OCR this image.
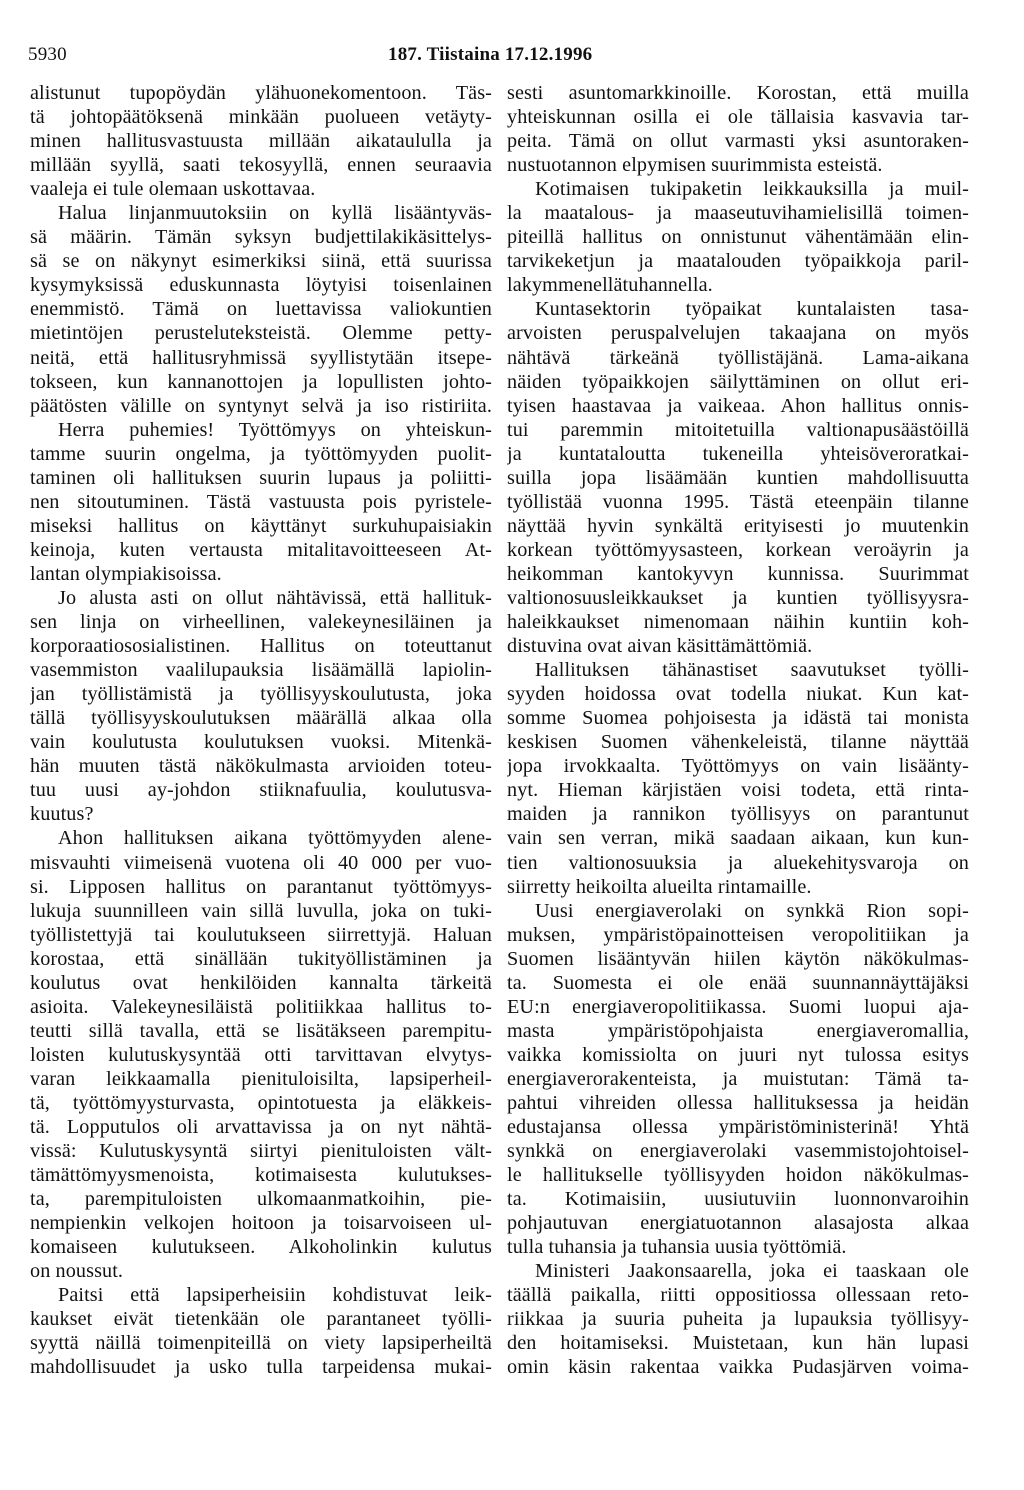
5930	187. Tiistaina 17.12.1996
alistunut tupopöydän ylähuonekomentoon. Täs-
tä johtopäätöksenä minkään puolueen vetäyty-
minen hallitusvastuusta millään aikataululla ja
millään syyllä, saati tekosyyllä, ennen seuraavia
vaaleja ei tule olemaan uskottavaa.
Halua linjanmuutoksiin on kyllä lisääntyväs-
sä määrin. Tämän syksyn budjettilakikäsittelys-
sä se on näkynyt esimerkiksi siinä, että suurissa
kysymyksissä eduskunnasta löytyisi toisenlainen
enemmistö. Tämä on luettavissa valiokuntien
mietintöjen perusteluteksteistä. Olemme petty-
neitä, että hallitusryhmissä syyllistytään itsepe-
tokseen, kun kannanottojen ja lopullisten johto-
päätösten välille on syntynyt selvä ja iso ristiriita.
Herra puhemies! Työttömyys on yhteiskun-
tamme suurin ongelma, ja työttömyyden puolit-
taminen oli hallituksen suurin lupaus ja poliitti-
nen sitoutuminen. Tästä vastuusta pois pyristele-
miseksi hallitus on käyttänyt surkuhupaisiakin
keinoja, kuten vertausta mitalitavoitteeseen At-
lantan olympiakisoissa.
Jo alusta asti on ollut nähtävissä, että hallituk-
sen linja on virheellinen, valekeynesiläinen ja
korporaatiososialistinen. Hallitus on toteuttanut
vasemmiston vaalilupauksia lisäämällä lapiolin-
jan työllistämistä ja työllisyyskoulutusta, joka
tällä työllisyyskoulutuksen määrällä alkaa olla
vain koulutusta koulutuksen vuoksi. Mitenkä-
hän muuten tästä näkökulmasta arvioiden toteu-
tuu uusi ay-johdon stiiknafuulia, koulutusva-
kuutus?
Ahon hallituksen aikana työttömyyden alene-
misvauhti viimeisenä vuotena oli 40 000 per vuo-
si. Lipposen hallitus on parantanut työttömyys-
lukuja suunnilleen vain sillä luvulla, joka on tuki-
työllistettyjä tai koulutukseen siirrettyjä. Haluan
korostaa, että sinällään tukityöllistäminen ja
koulutus ovat henkilöiden kannalta tärkeitä
asioita. Valekeynesiläistä politiikkaa hallitus to-
teutti sillä tavalla, että se lisätäkseen parempitu-
loisten kulutuskysyntää otti tarvittavan elvytys-
varan leikkaamalla pienituloisilta, lapsiperheil-
tä, työttömyysturvasta, opintotuesta ja eläkkeis-
tä. Lopputulos oli arvattavissa ja on nyt nähtä-
vissä: Kulutuskysyntä siirtyi pienituloisten vält-
tämättömyysmenoista, kotimaisesta kulutukses-
ta, parempituloisten ulkomaanmatkoihin, pie-
nempienkin velkojen hoitoon ja toisarvoiseen ul-
komaiseen kulutukseen. Alkoholinkin kulutus
on noussut.
Paitsi että lapsiperheisiin kohdistuvat leik-
kaukset eivät tietenkään ole parantaneet työlli-
syyttä näillä toimenpiteillä on viety lapsiperheiltä
mahdollisuudet ja usko tulla tarpeidensa mukai-
sesti asuntomarkkinoille. Korostan, että muilla
yhteiskunnan osilla ei ole tällaisia kasvavia tar-
peita. Tämä on ollut varmasti yksi asuntoraken-
nustuotannon elpymisen suurimmista esteistä.
Kotimaisen tukipaketin leikkauksilla ja muil-
la maatalous- ja maaseutuvihamielisillä toimen-
piteillä hallitus on onnistunut vähentämään elin-
tarvikeketjun ja maatalouden työpaikkoja paril-
lakymmenellätuhannella.
Kuntasektorin työpaikat kuntalaisten tasa-
arvoisten peruspalvelujen takaajana on myös
nähtävä tärkeänä työllistäjänä. Lama-aikana
näiden työpaikkojen säilyttäminen on ollut eri-
tyisen haastavaa ja vaikeaa. Ahon hallitus onnis-
tui paremmin mitoitetuilla valtionapusäästöillä
ja kuntataloutta tukeneilla yhteisöveroratkai-
suilla jopa lisäämään kuntien mahdollisuutta
työllistää vuonna 1995. Tästä eteenpäin tilanne
näyttää hyvin synkältä erityisesti jo muutenkin
korkean työttömyysasteen, korkean veroäyrin ja
heikomman kantokyvyn kunnissa. Suurimmat
valtionosuusleikkaukset ja kuntien työllisyysra-
haleikkaukset nimenomaan näihin kuntiin koh-
distuvina ovat aivan käsittämättömiä.
Hallituksen tähänastiset saavutukset työlli-
syyden hoidossa ovat todella niukat. Kun kat-
somme Suomea pohjoisesta ja idästä tai monista
keskisen Suomen vähenkeleistä, tilanne näyttää
jopa irvokkaalta. Työttömyys on vain lisäänty-
nyt. Hieman kärjistäen voisi todeta, että rinta-
maiden ja rannikon työllisyys on parantunut
vain sen verran, mikä saadaan aikaan, kun kun-
tien valtionosuuksia ja aluekehitysvaroja on
siirretty heikoilta alueilta rintamaille.
Uusi energiaverolaki on synkkä Rion sopi-
muksen, ympäristöpainotteisen veropolitiikan ja
Suomen lisääntyvän hiilen käytön näkökulmas-
ta. Suomesta ei ole enää suunnannäyttäjäksi
EU:n energiaveropolitiikassa. Suomi luopui aja-
masta ympäristöpohjaista energiaveromallia,
vaikka komissiolta on juuri nyt tulossa esitys
energiaverorakenteista, ja muistutan: Tämä ta-
pahtui vihreiden ollessa hallituksessa ja heidän
edustajansa ollessa ympäristöministerinä! Yhtä
synkkä on energiaverolaki vasemmistojohtoisel-
le hallitukselle työllisyyden hoidon näkökulmas-
ta. Kotimaisiin, uusiutuviin luonnonvaroihin
pohjautuvan energiatuotannon alasajosta alkaa
tulla tuhansia ja tuhansia uusia työttömiä.
Ministeri Jaakonsaarella, joka ei taaskaan ole
täällä paikalla, riitti oppositiossa ollessaan reto-
riikkaa ja suuria puheita ja lupauksia työllisyy-
den hoitamiseksi. Muistetaan, kun hän lupasi
omin käsin rakentaa vaikka Pudasjärven voima-
